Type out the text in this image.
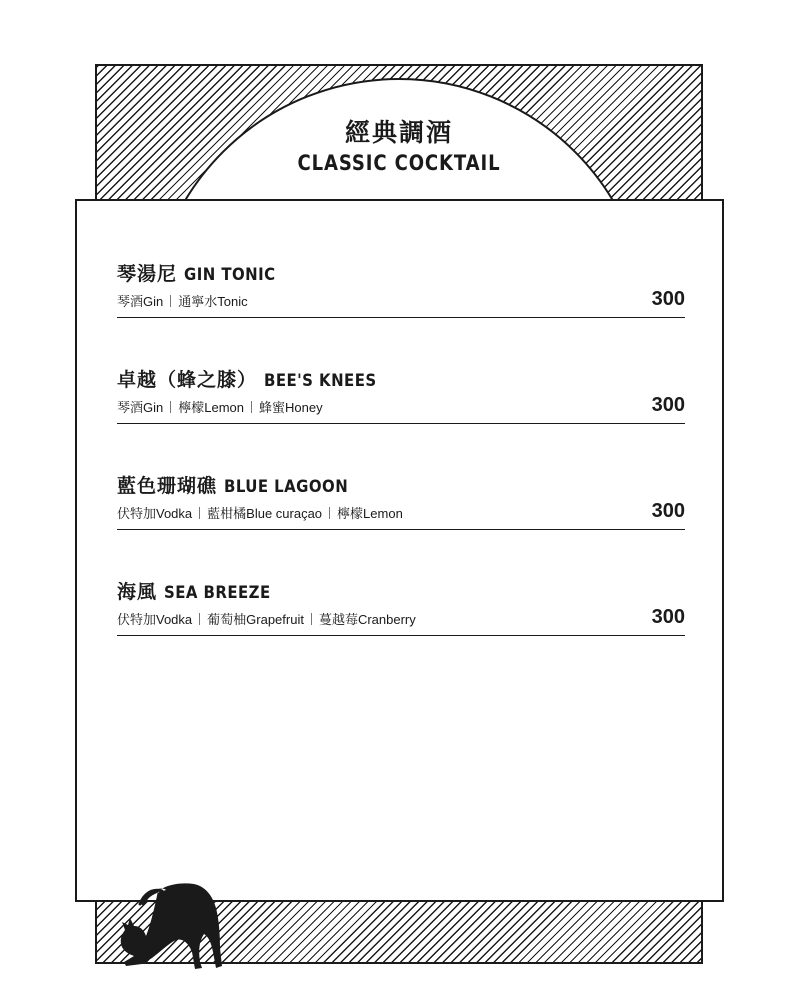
經典調酒
CLASSIC COCKTAIL
琴湯尼 GIN TONIC
琴酒Gin 通寧水Tonic	300
卓越（蜂之膝） BEE'S KNEES
琴酒Gin 檸檬Lemon 蜂蜜Honey	300
藍色珊瑚礁 BLUE LAGOON
伏特加Vodka 藍柑橘Blue curaçao 檸檬Lemon	300
海風 SEA BREEZE
伏特加Vodka 葡萄柚Grapefruit 蔓越莓Cranberry	300
